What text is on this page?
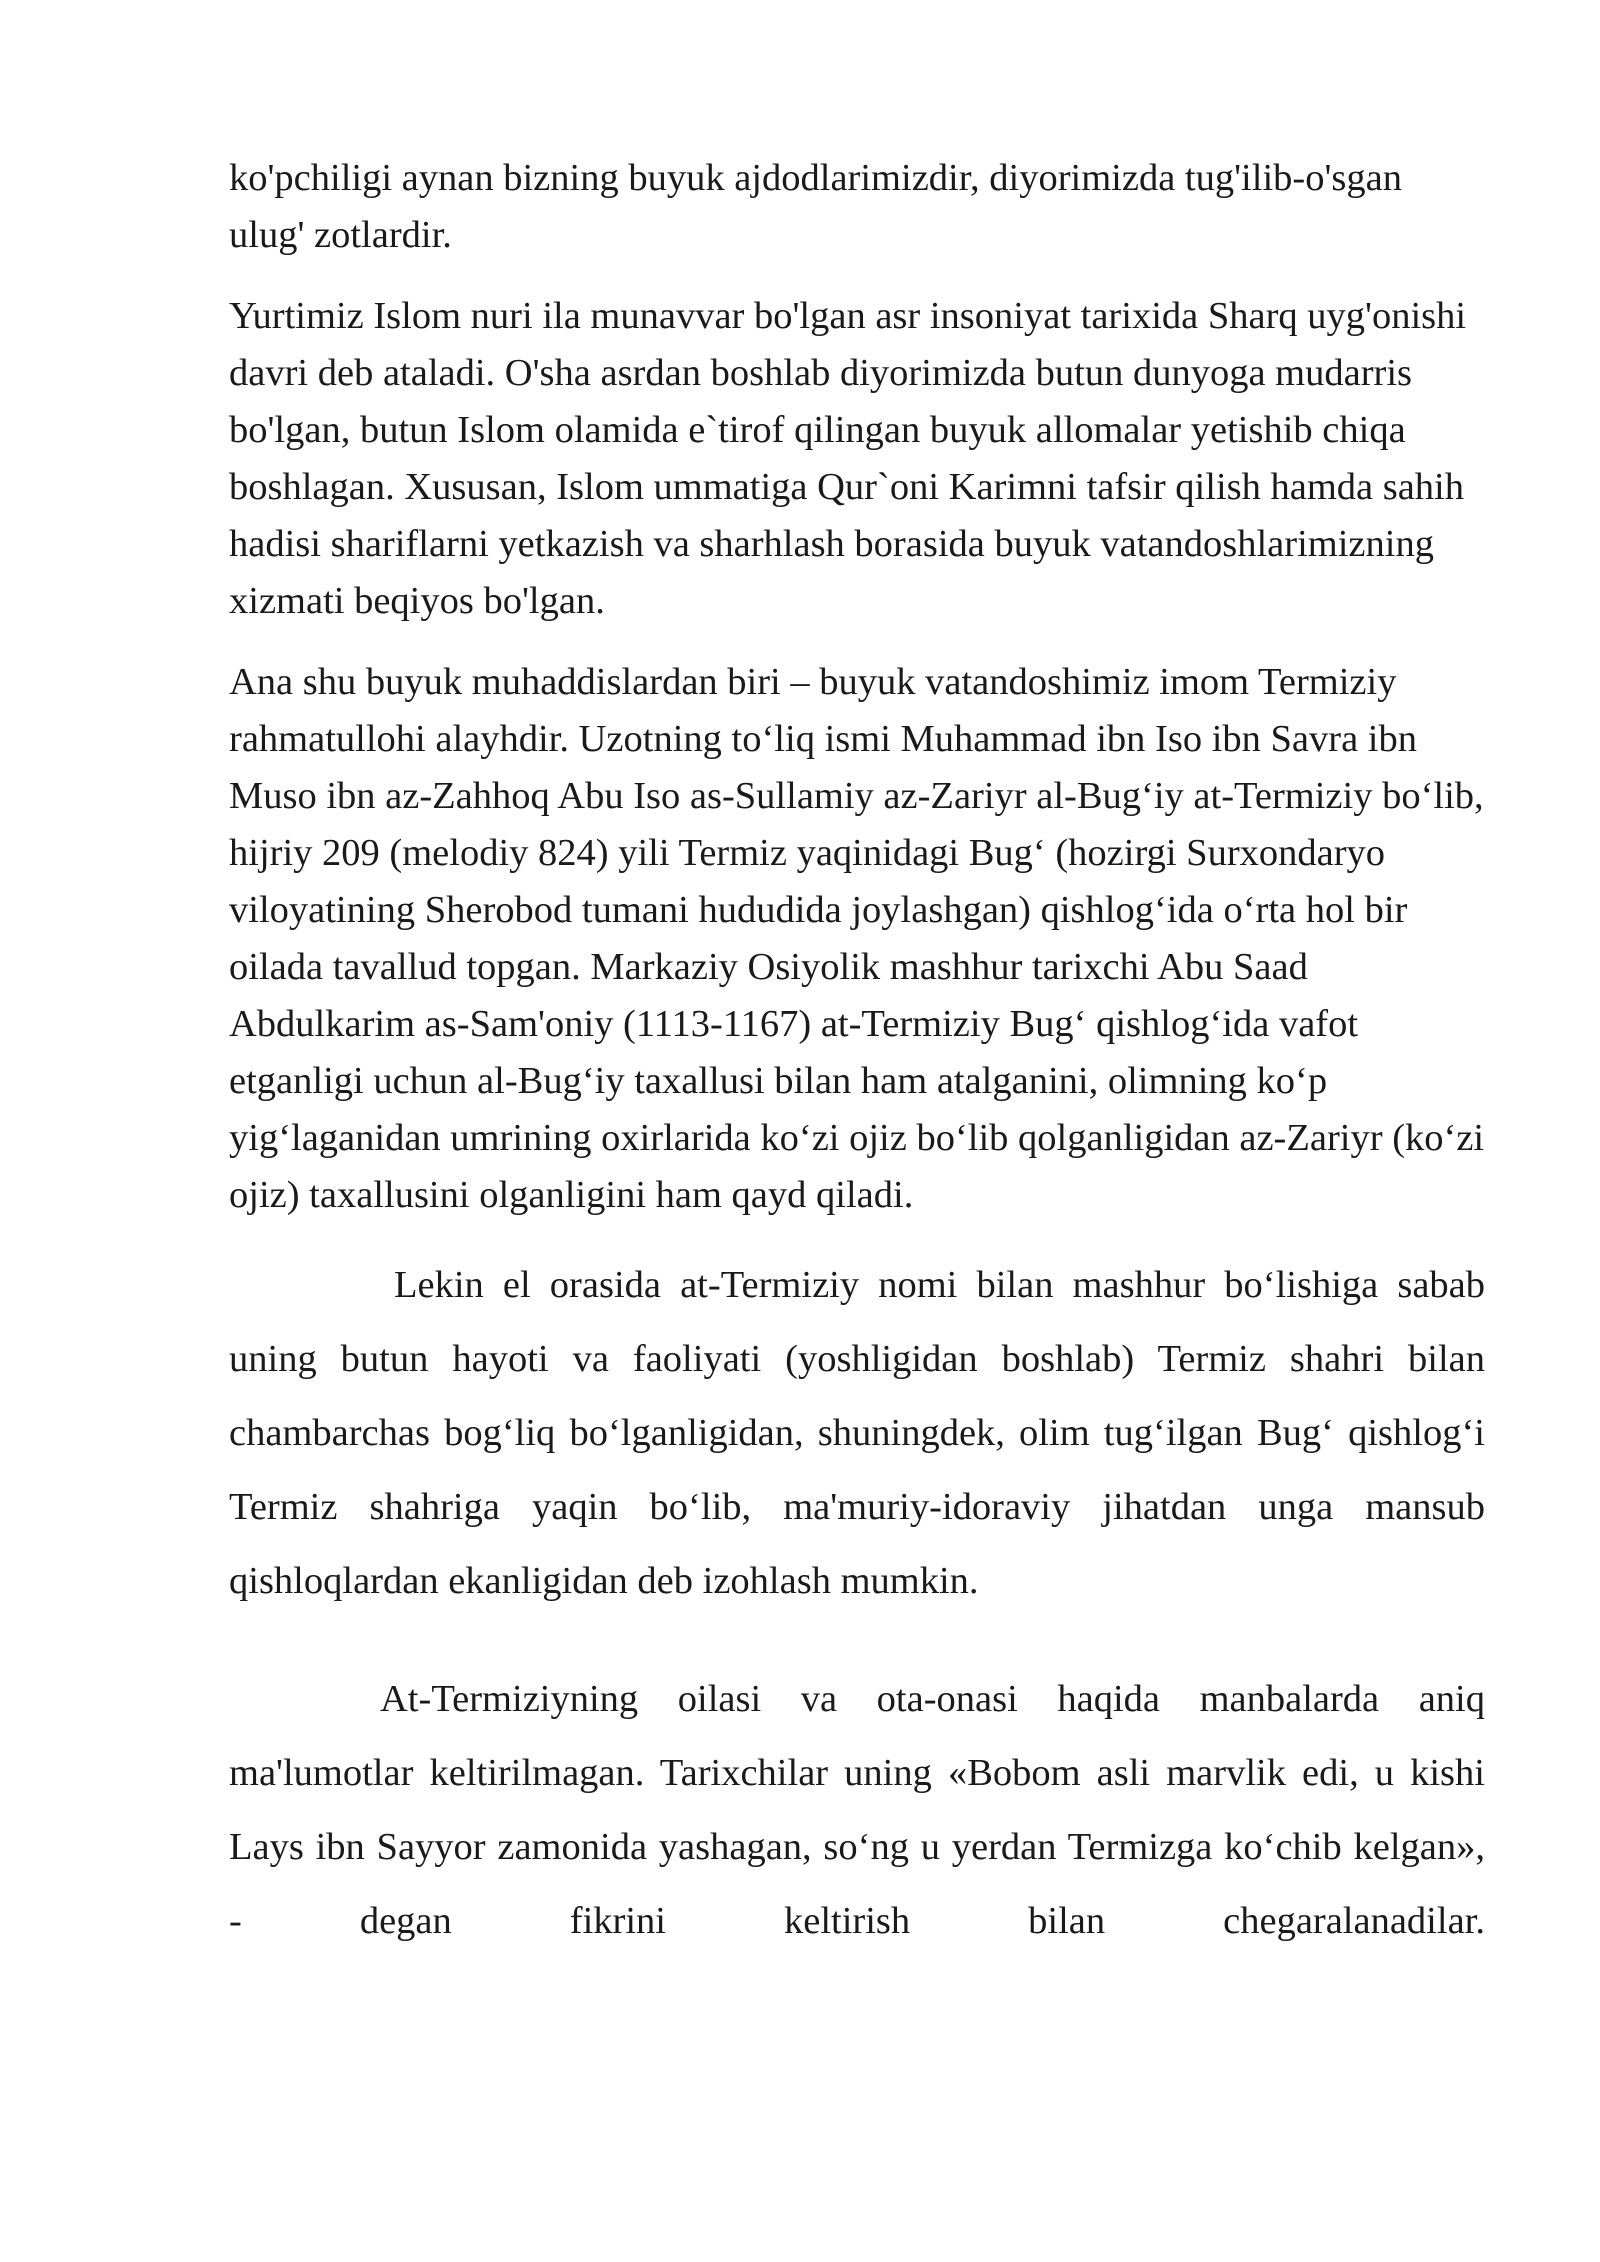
ko'pchiligi aynan bizning buyuk ajdodlarimizdir, diyorimizda tug'ilib-o'sgan ulug' zotlardir.

Yurtimiz Islom nuri ila munavvar bo'lgan asr insoniyat tarixida Sharq uyg'onishi davri deb ataladi. O'sha asrdan boshlab diyorimizda butun dunyoga mudarris bo'lgan, butun Islom olamida e`tirof qilingan buyuk allomalar yetishib chiqa boshlagan. Xususan, Islom ummatiga Qur`oni Karimni tafsir qilish hamda sahih hadisi shariflarni yetkazish va sharhlash borasida buyuk vatandoshlarimizning xizmati beqiyos bo'lgan.

Ana shu buyuk muhaddislardan biri – buyuk vatandoshimiz imom Termiziy rahmatullohi alayhdir. Uzotning to‘liq ismi Muhammad ibn Iso ibn Savra ibn Muso ibn az-Zahhoq Abu Iso as-Sullamiy az-Zariyr al-Bug‘iy at-Termiziy bo‘lib, hijriy 209 (melodiy 824) yili Termiz yaqinidagi Bug‘ (hozirgi Surxondaryo viloyatining Sherobod tumani hududida joylashgan) qishlog‘ida o‘rta hol bir oilada tavallud topgan. Markaziy Osiyolik mashhur tarixchi Abu Saad Abdulkarim as-Sam'oniy (1113-1167) at-Termiziy Bug‘ qishlog‘ida vafot etganligi uchun al-Bug‘iy taxallusi bilan ham atalganini, olimning ko‘p yig‘laganidan umrining oxirlarida ko‘zi ojiz bo‘lib qolganligidan az-Zariyr (ko‘zi ojiz) taxallusini olganligini ham qayd qiladi.

Lekin el orasida at-Termiziy nomi bilan mashhur bo‘lishiga sabab uning butun hayoti va faoliyati (yoshligidan boshlab) Termiz shahri bilan chambarchas bog‘liq bo‘lganligidan, shuningdek, olim tug‘ilgan Bug‘ qishlog‘i Termiz shahriga yaqin bo‘lib, ma'muriy-idoraviy jihatdan unga mansub qishloqlardan ekanligidan deb izohlash mumkin.

At-Termiziyning oilasi va ota-onasi haqida manbalarda aniq ma'lumotlar keltirilmagan. Tarixchilar uning «Bobom asli marvlik edi, u kishi Lays ibn Sayyor zamonida yashagan, so‘ng u yerdan Termizga ko‘chib kelgan», - degan fikrini keltirish bilan chegaralanadilar.
